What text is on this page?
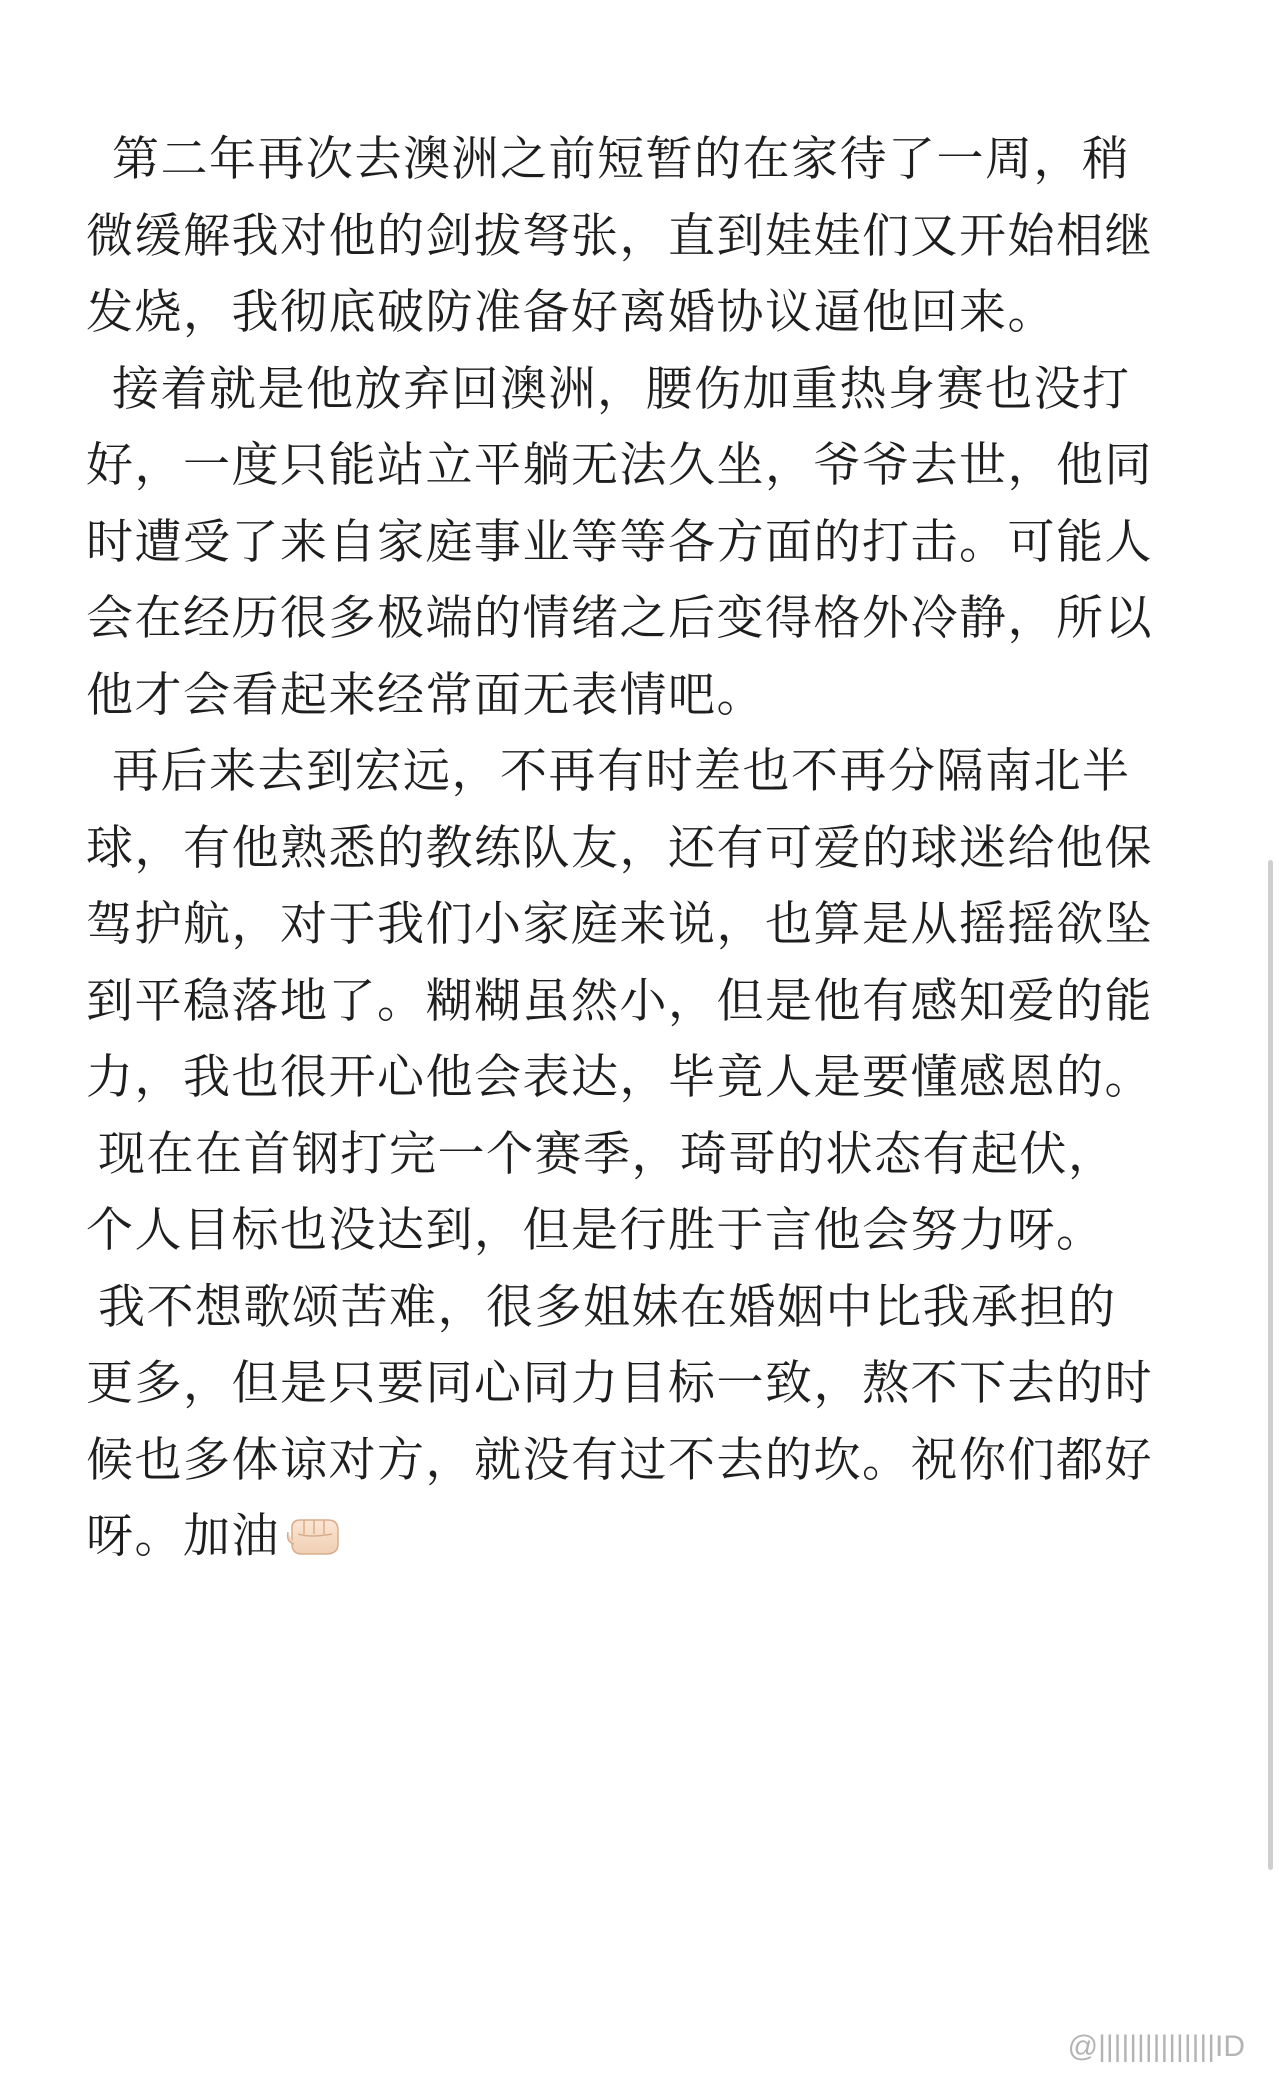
第二年再次去澳洲之前短暂的在家待了一周，稍
微缓解我对他的剑拔弩张，直到娃娃们又开始相继
发烧，我彻底破防准备好离婚协议逼他回来。
接着就是他放弃回澳洲，腰伤加重热身赛也没打
好，一度只能站立平躺无法久坐，爷爷去世，他同
时遭受了来自家庭事业等等各方面的打击。可能人
会在经历很多极端的情绪之后变得格外冷静，所以
他才会看起来经常面无表情吧。
再后来去到宏远，不再有时差也不再分隔南北半
球，有他熟悉的教练队友，还有可爱的球迷给他保
驾护航，对于我们小家庭来说，也算是从摇摇欲坠
到平稳落地了。糊糊虽然小，但是他有感知爱的能
力，我也很开心他会表达，毕竟人是要懂感恩的。
现在在首钢打完一个赛季，琦哥的状态有起伏，
个人目标也没达到，但是行胜于言他会努力呀。
我不想歌颂苦难，很多姐妹在婚姻中比我承担的
更多，但是只要同心同力目标一致，熬不下去的时
候也多体谅对方，就没有过不去的坎。祝你们都好
呀。加油
@|||||||||||||||ID
